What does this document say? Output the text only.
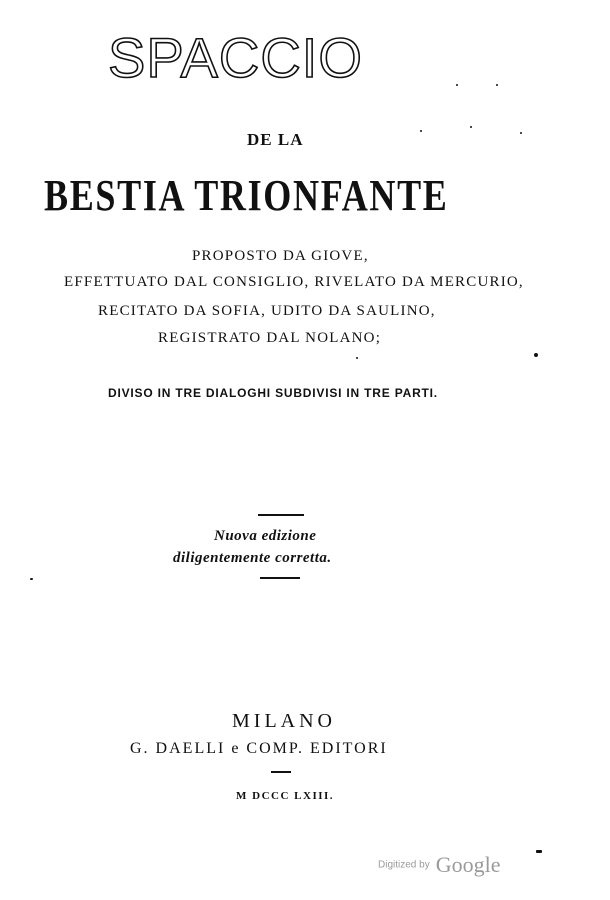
SPACCIO
DE LA
BESTIA TRIONFANTE
PROPOSTO DA GIOVE,
EFFETTUATO DAL CONSIGLIO, RIVELATO DA MERCURIO,
RECITATO DA SOFIA, UDITO DA SAULINO,
REGISTRATO DAL NOLANO;
DIVISO IN TRE DIALOGHI SUBDIVISI IN TRE PARTI.
Nuova edizione
diligentemente corretta.
MILANO
G. DAELLI e COMP. EDITORI
M DCCC LXIII.
Digitized by Google
